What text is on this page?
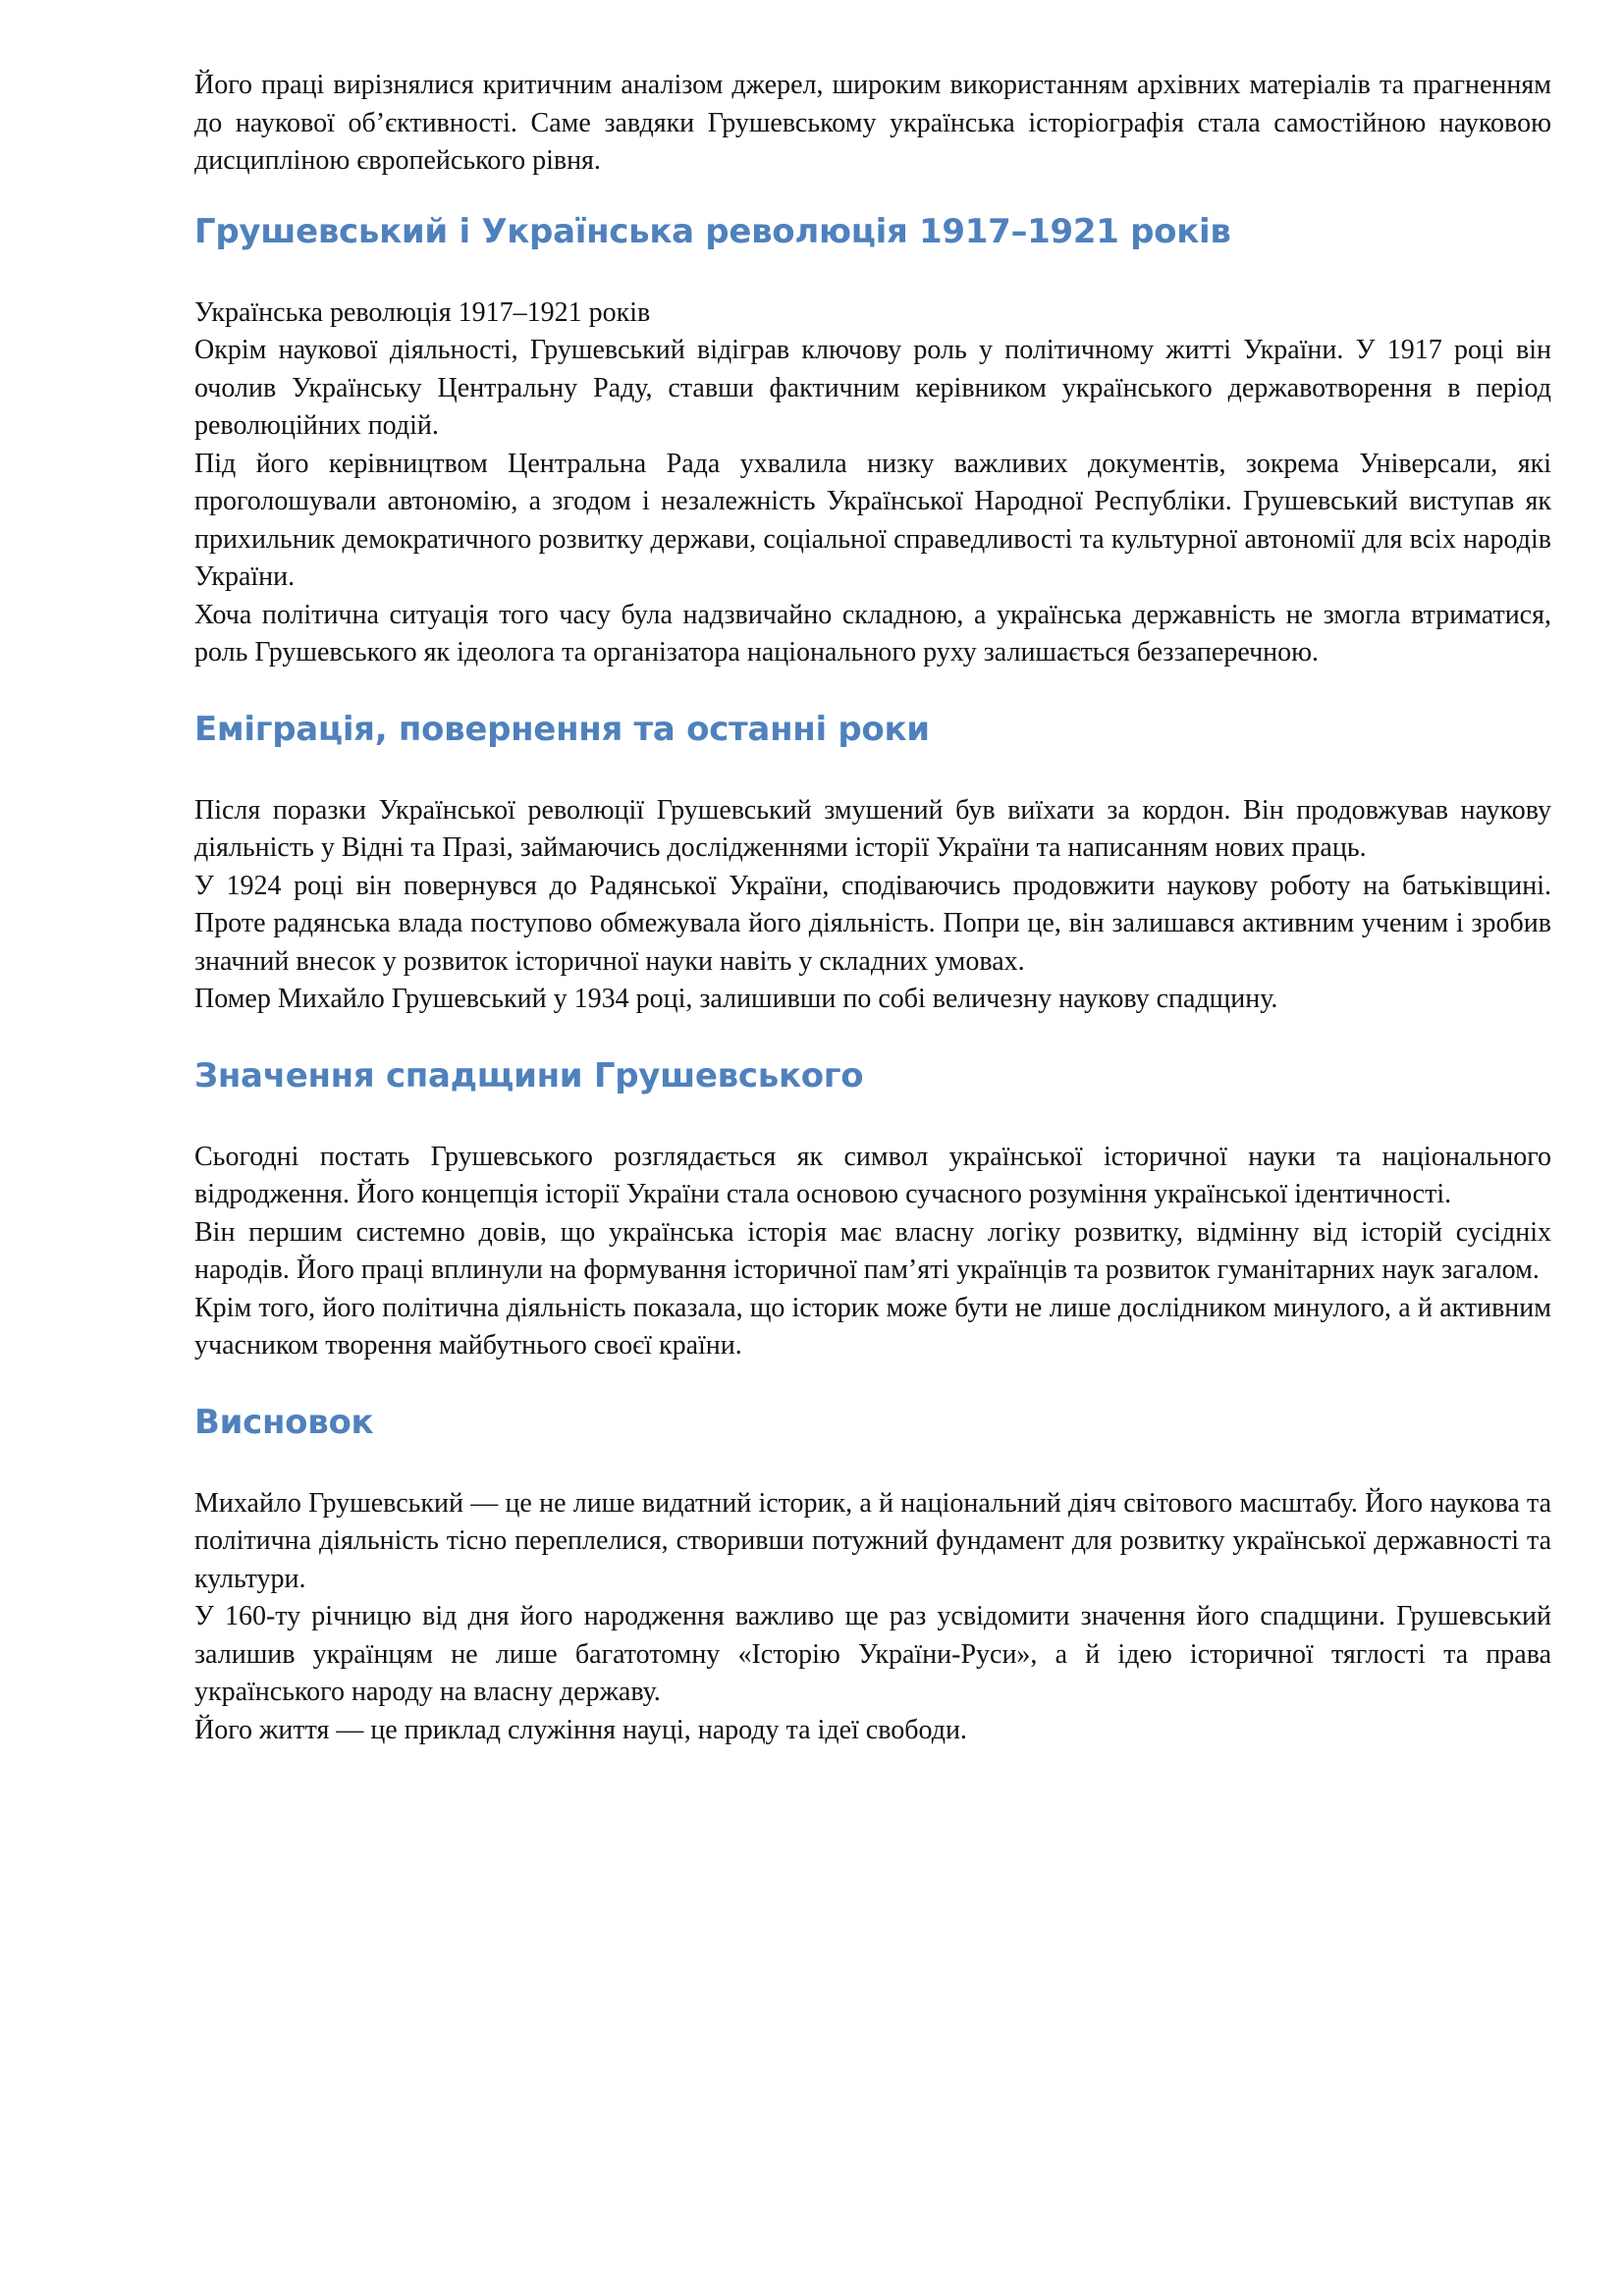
Його праці вирізнялися критичним аналізом джерел, широким використанням архівних матеріалів та прагненням до наукової об’єктивності. Саме завдяки Грушевському українська історіографія стала самостійною науковою дисципліною європейського рівня.

Грушевський і Українська революція 1917–1921 років

Українська революція 1917–1921 років

Окрім наукової діяльності, Грушевський відіграв ключову роль у політичному житті України. У 1917 році він очолив Українську Центральну Раду, ставши фактичним керівником українського державотворення в період революційних подій.

Під його керівництвом Центральна Рада ухвалила низку важливих документів, зокрема Універсали, які проголошували автономію, а згодом і незалежність Української Народної Республіки. Грушевський виступав як прихильник демократичного розвитку держави, соціальної справедливості та культурної автономії для всіх народів України.

Хоча політична ситуація того часу була надзвичайно складною, а українська державність не змогла втриматися, роль Грушевського як ідеолога та організатора національного руху залишається беззаперечною.

Еміграція, повернення та останні роки

Після поразки Української революції Грушевський змушений був виїхати за кордон. Він продовжував наукову діяльність у Відні та Празі, займаючись дослідженнями історії України та написанням нових праць.

У 1924 році він повернувся до Радянської України, сподіваючись продовжити наукову роботу на батьківщині. Проте радянська влада поступово обмежувала його діяльність. Попри це, він залишався активним ученим і зробив значний внесок у розвиток історичної науки навіть у складних умовах.

Помер Михайло Грушевський у 1934 році, залишивши по собі величезну наукову спадщину.

Значення спадщини Грушевського

Сьогодні постать Грушевського розглядається як символ української історичної науки та національного відродження. Його концепція історії України стала основою сучасного розуміння української ідентичності.

Він першим системно довів, що українська історія має власну логіку розвитку, відмінну від історій сусідніх народів. Його праці вплинули на формування історичної пам’яті українців та розвиток гуманітарних наук загалом.

Крім того, його політична діяльність показала, що історик може бути не лише дослідником минулого, а й активним учасником творення майбутнього своєї країни.

Висновок

Михайло Грушевський — це не лише видатний історик, а й національний діяч світового масштабу. Його наукова та політична діяльність тісно переплелися, створивши потужний фундамент для розвитку української державності та культури.

У 160-ту річницю від дня його народження важливо ще раз усвідомити значення його спадщини. Грушевський залишив українцям не лише багатотомну «Історію України-Руси», а й ідею історичної тяглості та права українського народу на власну державу.

Його життя — це приклад служіння науці, народу та ідеї свободи.
